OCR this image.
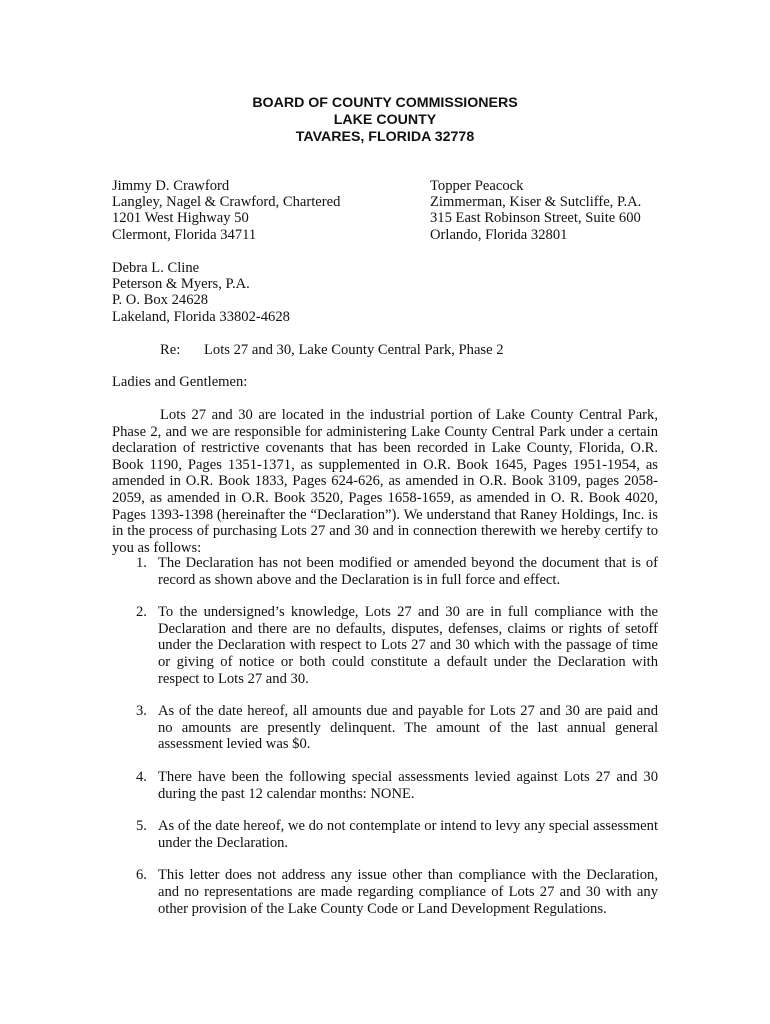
BOARD OF COUNTY COMMISSIONERS
LAKE COUNTY
TAVARES, FLORIDA 32778
Jimmy D. Crawford
Langley, Nagel & Crawford, Chartered
1201 West Highway 50
Clermont, Florida 34711
Topper Peacock
Zimmerman, Kiser & Sutcliffe, P.A.
315 East Robinson Street, Suite 600
Orlando, Florida 32801
Debra L. Cline
Peterson & Myers, P.A.
P. O. Box 24628
Lakeland, Florida 33802-4628
Re: Lots 27 and 30, Lake County Central Park, Phase 2
Ladies and Gentlemen:
Lots 27 and 30 are located in the industrial portion of Lake County Central Park, Phase 2, and we are responsible for administering Lake County Central Park under a certain declaration of restrictive covenants that has been recorded in Lake County, Florida, O.R. Book 1190, Pages 1351-1371, as supplemented in O.R. Book 1645, Pages 1951-1954, as amended in O.R. Book 1833, Pages 624-626, as amended in O.R. Book 3109, pages 2058-2059, as amended in O.R. Book 3520, Pages 1658-1659, as amended in O. R. Book 4020, Pages 1393-1398 (hereinafter the “Declaration”). We understand that Raney Holdings, Inc. is in the process of purchasing Lots 27 and 30 and in connection therewith we hereby certify to you as follows:
1. The Declaration has not been modified or amended beyond the document that is of record as shown above and the Declaration is in full force and effect.
2. To the undersigned’s knowledge, Lots 27 and 30 are in full compliance with the Declaration and there are no defaults, disputes, defenses, claims or rights of setoff under the Declaration with respect to Lots 27 and 30 which with the passage of time or giving of notice or both could constitute a default under the Declaration with respect to Lots 27 and 30.
3. As of the date hereof, all amounts due and payable for Lots 27 and 30 are paid and no amounts are presently delinquent. The amount of the last annual general assessment levied was $0.
4. There have been the following special assessments levied against Lots 27 and 30 during the past 12 calendar months: NONE.
5. As of the date hereof, we do not contemplate or intend to levy any special assessment under the Declaration.
6. This letter does not address any issue other than compliance with the Declaration, and no representations are made regarding compliance of Lots 27 and 30 with any other provision of the Lake County Code or Land Development Regulations.
